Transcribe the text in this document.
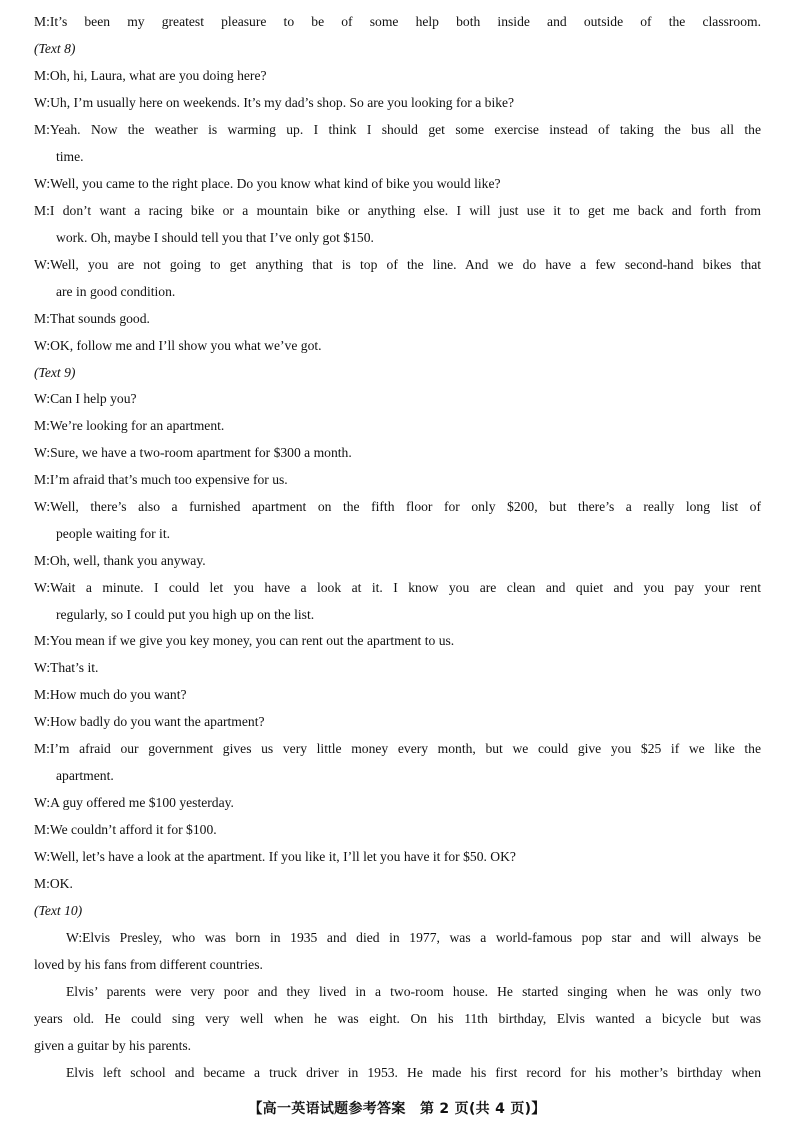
M:It’s been my greatest pleasure to be of some help both inside and outside of the classroom.
(Text 8)
M:Oh, hi, Laura, what are you doing here?
W:Uh, I’m usually here on weekends. It’s my dad’s shop. So are you looking for a bike?
M:Yeah. Now the weather is warming up. I think I should get some exercise instead of taking the bus all the
time.
W:Well, you came to the right place. Do you know what kind of bike you would like?
M:I don’t want a racing bike or a mountain bike or anything else. I will just use it to get me back and forth from
work. Oh, maybe I should tell you that I’ve only got $150.
W:Well, you are not going to get anything that is top of the line. And we do have a few second-hand bikes that
are in good condition.
M:That sounds good.
W:OK, follow me and I’ll show you what we’ve got.
(Text 9)
W:Can I help you?
M:We’re looking for an apartment.
W:Sure, we have a two-room apartment for $300 a month.
M:I’m afraid that’s much too expensive for us.
W:Well, there’s also a furnished apartment on the fifth floor for only $200, but there’s a really long list of
people waiting for it.
M:Oh, well, thank you anyway.
W:Wait a minute. I could let you have a look at it. I know you are clean and quiet and you pay your rent
regularly, so I could put you high up on the list.
M:You mean if we give you key money, you can rent out the apartment to us.
W:That’s it.
M:How much do you want?
W:How badly do you want the apartment?
M:I’m afraid our government gives us very little money every month, but we could give you $25 if we like the
apartment.
W:A guy offered me $100 yesterday.
M:We couldn’t afford it for $100.
W:Well, let’s have a look at the apartment. If you like it, I’ll let you have it for $50. OK?
M:OK.
(Text 10)
W:Elvis Presley, who was born in 1935 and died in 1977, was a world-famous pop star and will always be
loved by his fans from different countries.
Elvis’ parents were very poor and they lived in a two-room house. He started singing when he was only two
years old. He could sing very well when he was eight. On his 11th birthday, Elvis wanted a bicycle but was
given a guitar by his parents.
Elvis left school and became a truck driver in 1953. He made his first record for his mother’s birthday when
【高一英语试题参考答案　第 2 页(共 4 页)】
